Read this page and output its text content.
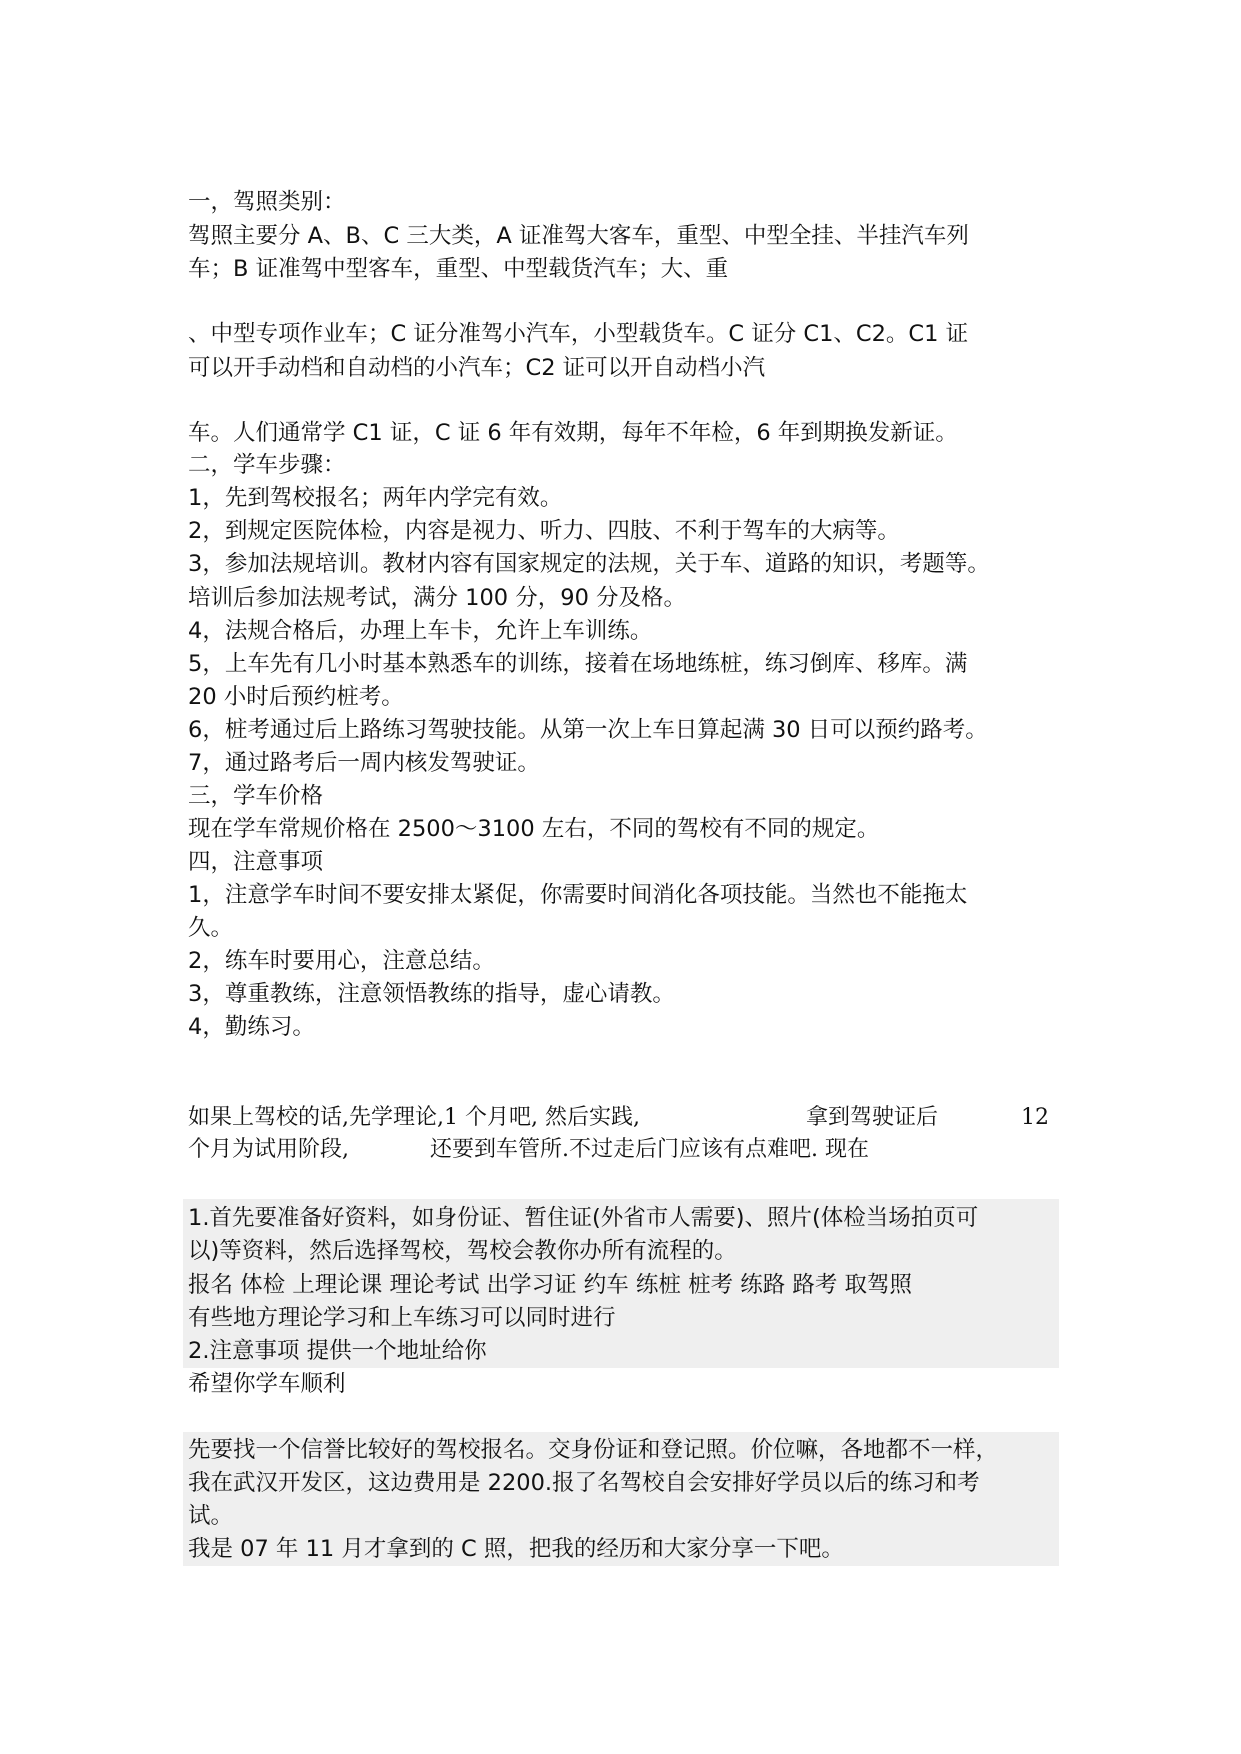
一，驾照类别：
驾照主要分 A、B、C 三大类，A 证准驾大客车，重型、中型全挂、半挂汽车列
车；B 证准驾中型客车，重型、中型载货汽车；大、重
、中型专项作业车；C 证分准驾小汽车，小型载货车。C 证分 C1、C2。C1 证
可以开手动档和自动档的小汽车；C2 证可以开自动档小汽
车。人们通常学 C1 证，C 证 6 年有效期，每年不年检，6 年到期换发新证。
二，学车步骤：
1，先到驾校报名；两年内学完有效。
2，到规定医院体检，内容是视力、听力、四肢、不利于驾车的大病等。
3，参加法规培训。教材内容有国家规定的法规，关于车、道路的知识，考题等。
培训后参加法规考试，满分 100 分，90 分及格。
4，法规合格后，办理上车卡，允许上车训练。
5，上车先有几小时基本熟悉车的训练，接着在场地练桩，练习倒库、移库。满
20 小时后预约桩考。
6，桩考通过后上路练习驾驶技能。从第一次上车日算起满 30 日可以预约路考。
7，通过路考后一周内核发驾驶证。
三，学车价格
现在学车常规价格在 2500～3100 左右，不同的驾校有不同的规定。
四，注意事项
1，注意学车时间不要安排太紧促，你需要时间消化各项技能。当然也不能拖太
久。
2，练车时要用心，注意总结。
3，尊重教练，注意领悟教练的指导，虚心请教。
4，勤练习。
如果上驾校的话,先学理论,1 个月吧, 然后实践,	拿到驾驶证后	12
个月为试用阶段,	还要到车管所.不过走后门应该有点难吧. 现在
1.首先要准备好资料，如身份证、暂住证(外省市人需要)、照片(体检当场拍页可
以)等资料，然后选择驾校，驾校会教你办所有流程的。
报名 体检 上理论课 理论考试 出学习证 约车 练桩 桩考 练路 路考 取驾照
有些地方理论学习和上车练习可以同时进行
2.注意事项 提供一个地址给你
希望你学车顺利
先要找一个信誉比较好的驾校报名。交身份证和登记照。价位嘛，各地都不一样，
我在武汉开发区，这边费用是 2200.报了名驾校自会安排好学员以后的练习和考
试。
我是 07 年 11 月才拿到的 C 照，把我的经历和大家分享一下吧。
